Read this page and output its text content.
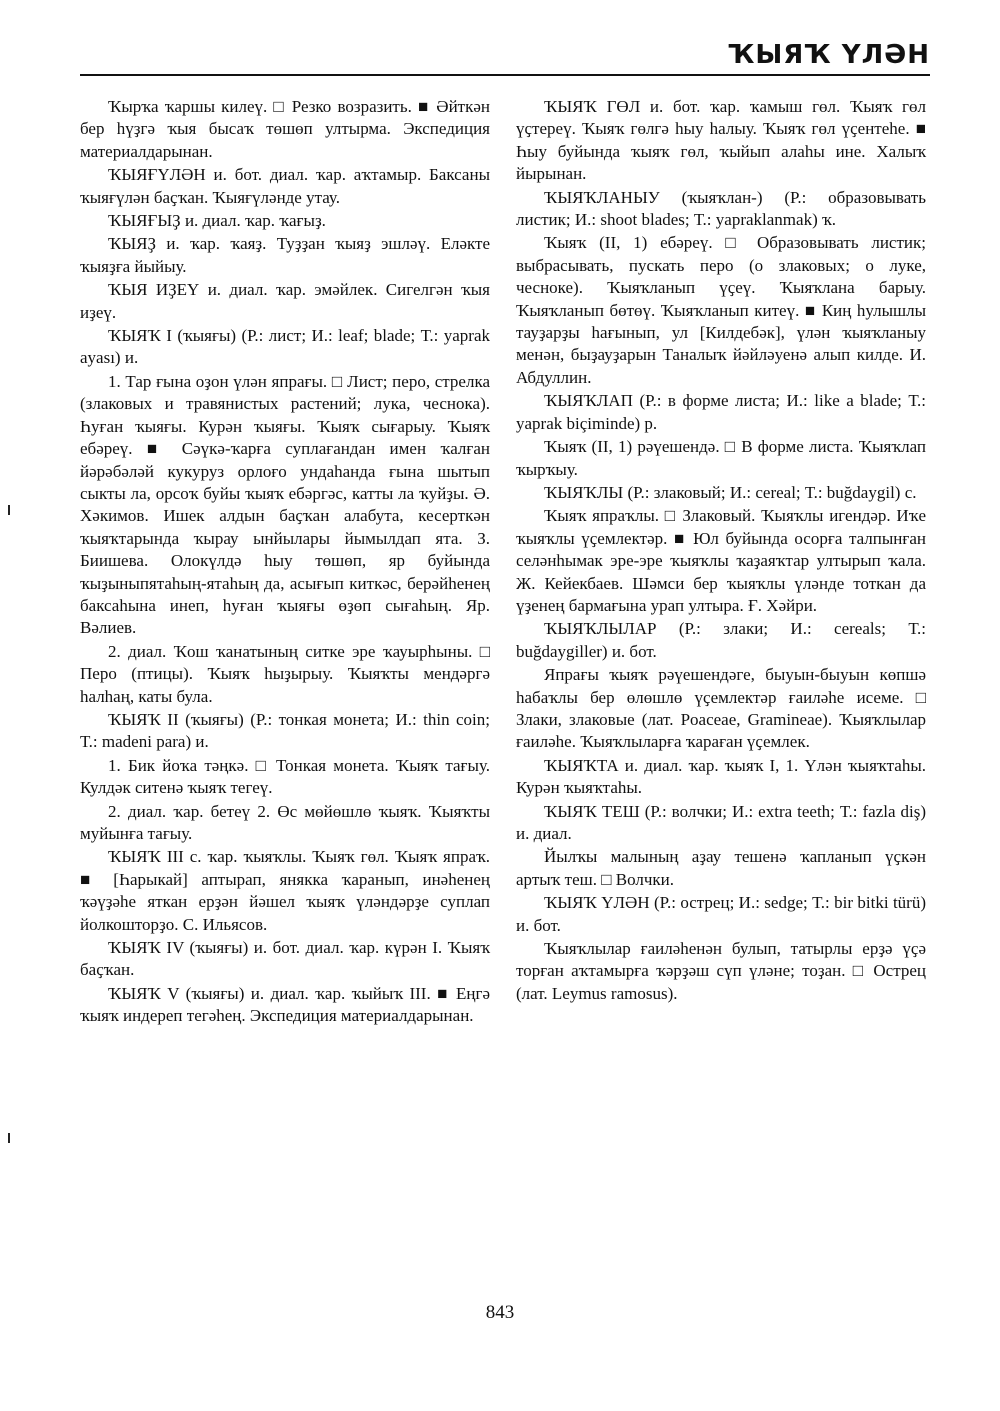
ҠЫЯҠ ҮЛӘН

Ҡырҡа ҡаршы килеү. □ Резко возразить. ■ Әйткән бер һүҙгә ҡыя бысаҡ төшөп ултырма. Экспедиция материалдарынан.

ҠЫЯҒҮЛӘН и. бот. диал. ҡар. аҡтамыр. Баксаны ҡыяғүлән баҫҡан. Ҡыяғүләнде утау.

ҠЫЯҒЫҘ и. диал. ҡар. ҡағыҙ.

ҠЫЯҘ и. ҡар. ҡаяҙ. Туҙҙан ҡыяҙ эшләү. Еләкте ҡыяҙға йыйыу.

ҠЫЯ ИҘЕҮ и. диал. ҡар. эмәйлек. Сигелгән ҡыя иҙеү.

ҠЫЯҠ I (ҡыяғы) (Р.: лист; И.: leaf; blade; Т.: yaprak ayası) и.

1. Тар ғына оҙон үлән япрағы. □ Лист; перо, стрелка (злаковых и травянистых растений; лука, чеснока). Һуған ҡыяғы. Курән ҡыяғы. Ҡыяҡ сығарыу. Ҡыяҡ ебәреү. ■ Сәүкә-ҡарға суплағандан имен ҡалған йәрәбәләй кукуруз орлоғо ундаһанда ғына шытып сыкты ла, орсоҡ буйы ҡыяҡ ебәргәс, катты ла ҡуйҙы. Ә. Хәкимов. Ишек алдын баҫҡан алабута, кесерткән ҡыяҡтарында ҡырау ынйылары йымылдап ята. З. Биишева. Олокүлдә һыу төшөп, яр буйында ҡыҙыныпятаһың-ятаһың да, асығып киткәс, берәйһенең баксаһына инеп, һуған ҡыяғы өҙөп сығаһың. Яр. Вәлиев.

2. диал. Ҡош ҡанатының ситке эре ҡауырһыны. □ Перо (птицы). Ҡыяҡ һыҙырыу. Ҡыяҡты мендәргә һалһаң, каты була.

ҠЫЯҠ II (ҡыяғы) (Р.: тонкая монета; И.: thin coin; Т.: madeni para) и.

1. Бик йоҡа тәңкә. □ Тонкая монета. Ҡыяҡ тағыу. Кулдәк ситенә ҡыяҡ тегеү.

2. диал. ҡар. бетеү 2. Өс мөйөшлө ҡыяҡ. Ҡыяҡты муйынға тағыу.

ҠЫЯҠ III с. ҡар. ҡыяҡлы. Ҡыяҡ гөл. Ҡыяҡ япраҡ. ■ [Һарыкай] аптырап, янякка ҡаранып, инәһенең ҡәүҙәһе яткан ерҙән йәшел ҡыяҡ үләндәрҙе суплап йолкошторҙо. С. Ильясов.

ҠЫЯҠ IV (ҡыяғы) и. бот. диал. ҡар. күрән I. Ҡыяҡ баҫҡан.

ҠЫЯҠ V (ҡыяғы) и. диал. ҡар. ҡыйыҡ III. ■ Еңгә ҡыяҡ индереп тегәһең. Экспедиция материалдарынан.

ҠЫЯҠ ГӨЛ и. бот. ҡар. ҡамыш гөл. Ҡыяҡ гөл үҫтереү. Ҡыяҡ гөлгә һыу һалыу. Ҡыяҡ гөл үҫентеһе. ■ Һыу буйында ҡыяҡ гөл, ҡыйып алаһы инe. Халыҡ йырынан.

ҠЫЯҠЛАНЫУ (ҡыяҡлан-) (Р.: образовывать листик; И.: shoot blades; Т.: yapraklanmak) ҡ.

Ҡыяҡ (II, 1) ебәреү. □ Образовывать листик; выбрасывать, пускать перо (о злаковых; о луке, чесноке). Ҡыяҡланып үҫеү. Ҡыяҡлана барыу. Ҡыяҡланып бөтөү. Ҡыяҡланып китеү. ■ Киң һулышлы тауҙарҙы һағынып, ул [Килдебәк], үлән ҡыяҡланыу менән, быҙауҙарын Таналыҡ йәйләуенә алып килде. И. Абдуллин.

ҠЫЯҠЛАП (Р.: в форме листа; И.: like a blade; Т.: yaprak biçiminde) р.

Ҡыяҡ (II, 1) рәүешендә. □ В форме листа. Ҡыяҡлап ҡырҡыу.

ҠЫЯҠЛЫ (Р.: злаковый; И.: cereal; Т.: buğdaygil) с.

Ҡыяҡ япраҡлы. □ Злаковый. Ҡыяҡлы игендәр. Иҡе ҡыяҡлы үҫемлектәр. ■ Юл буйында осорға талпынған селәнһымак эре-эре ҡыяҡлы ҡаҙаяҡтар ултырып ҡала. Ж. Кейекбаев. Шәмси бер ҡыяҡлы үләнде тоткан да үҙенең бармағына урап ултыра. Ғ. Хәйри.

ҠЫЯҠЛЫЛАР (Р.: злаки; И.: cereals; Т.: buğdaygiller) и. бот.

Япрағы ҡыяҡ рәүешендәге, быуын-быуын көпшә һабаҡлы бер өлөшлө үҫемлектәр ғаиләһе исеме. □ Злаки, злаковые (лат. Poaceae, Gramineae). Ҡыяҡлылар ғаиләһе. Ҡыяҡлыларға ҡараған үҫемлек.

ҠЫЯҠТА и. диал. ҡар. ҡыяҡ I, 1. Үлән ҡыяҡтаһы. Курән ҡыяҡтаһы.

ҠЫЯҠ ТЕШ (Р.: волчки; И.: extra teeth; Т.: fazla diş) и. диал.

Йылҡы малының аҙау тешенә ҡапланып үҫкән артыҡ теш. □ Волчки.

ҠЫЯҠ ҮЛӘН (Р.: острец; И.: sedge; Т.: bir bitki türü) и. бот.

Ҡыяҡлылар ғаиләһенән булып, татырлы ерҙә үҫә торған аҡтамырға ҡәрҙәш сүп үләне; тоҙан. □ Острец (лат. Leymus ramosus).

843
